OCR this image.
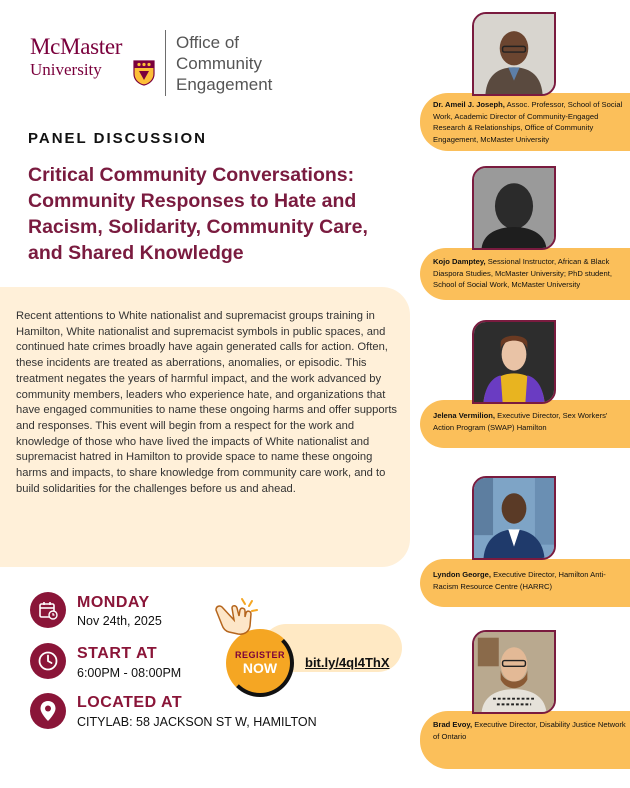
McMaster
University
Office of
Community
Engagement
PANEL DISCUSSION
Critical Community Conversations: Community Responses to Hate and Racism, Solidarity, Community Care, and Shared Knowledge
Recent attentions to White nationalist and supremacist groups training in Hamilton, White nationalist and supremacist symbols in public spaces, and continued hate crimes broadly have again generated calls for action. Often, these incidents are treated as aberrations, anomalies, or episodic. This treatment negates the years of harmful impact, and the work advanced by community members, leaders who experience hate, and organizations that have engaged communities to name these ongoing harms and offer supports and responses. This event will begin from a respect for the work and knowledge of those who have lived the impacts of White nationalist and supremacist hatred in Hamilton to provide space to name these ongoing harms and impacts, to share knowledge from community care work, and to build solidarities for the challenges before us and ahead.
MONDAY
Nov 24th, 2025
START AT
6:00PM - 08:00PM
LOCATED AT
CITYLAB: 58 JACKSON ST W, HAMILTON
bit.ly/4ql4ThX
REGISTER
NOW
Dr. Ameil J. Joseph, Assoc. Professor, School of Social Work, Academic Director of Community-Engaged Research & Relationships, Office of Community Engagement, McMaster University
Kojo Damptey, Sessional Instructor, African & Black Diaspora Studies, McMaster University; PhD student, School of Social Work, McMaster University
Jelena Vermilion, Executive Director, Sex Workers' Action Program (SWAP) Hamilton
Lyndon George, Executive Director, Hamilton Anti-Racism Resource Centre (HARRC)
Brad Evoy, Executive Director, Disability Justice Network of Ontario
